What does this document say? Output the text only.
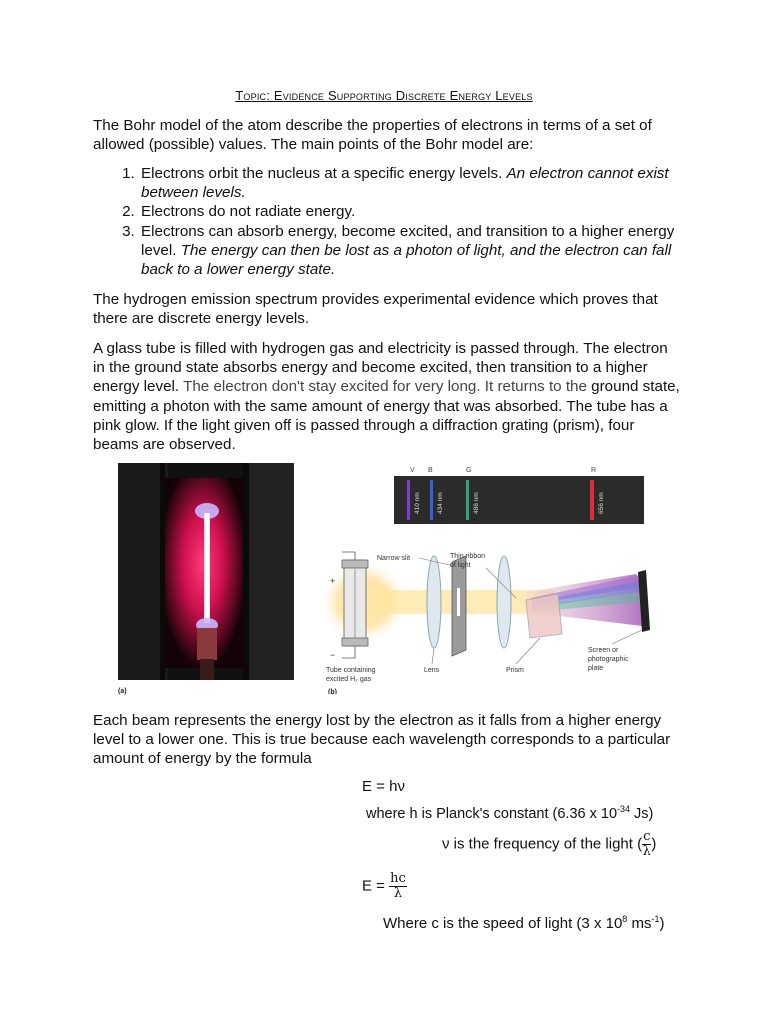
Topic: Evidence Supporting Discrete Energy Levels

The Bohr model of the atom describe the properties of electrons in terms of a set of allowed (possible) values. The main points of the Bohr model are:

1. Electrons orbit the nucleus at a specific energy levels. An electron cannot exist between levels.
2. Electrons do not radiate energy.
3. Electrons can absorb energy, become excited, and transition to a higher energy level. The energy can then be lost as a photon of light, and the electron can fall back to a lower energy state.

The hydrogen emission spectrum provides experimental evidence which proves that there are discrete energy levels.

A glass tube is filled with hydrogen gas and electricity is passed through. The electron in the ground state absorbs energy and become excited, then transition to a higher energy level. The electron don't stay excited for very long. It returns to the ground state, emitting a photon with the same amount of energy that was absorbed. The tube has a pink glow. If the light given off is passed through a diffraction grating (prism), four beams are observed.

(a)
V B	G	R
410 nm 434 nm	486 nm	656 nm
+
−
Narrow slit	Thin ribbon
of light
Tube containing
excited H₂ gas
Lens	Prism
Screen or
photographic
plate
(b)

Each beam represents the energy lost by the electron as it falls from a higher energy level to a lower one. This is true because each wavelength corresponds to a particular amount of energy by the formula

E = hν
where h is Planck's constant (6.36 x $10^{-34}$ Js)
ν is the frequency of the light ( $\frac{c}{\lambda}$ )
$E = \frac{hc}{\lambda}$
Where c is the speed of light (3 x $10^8$ $ms^{-1}$)
